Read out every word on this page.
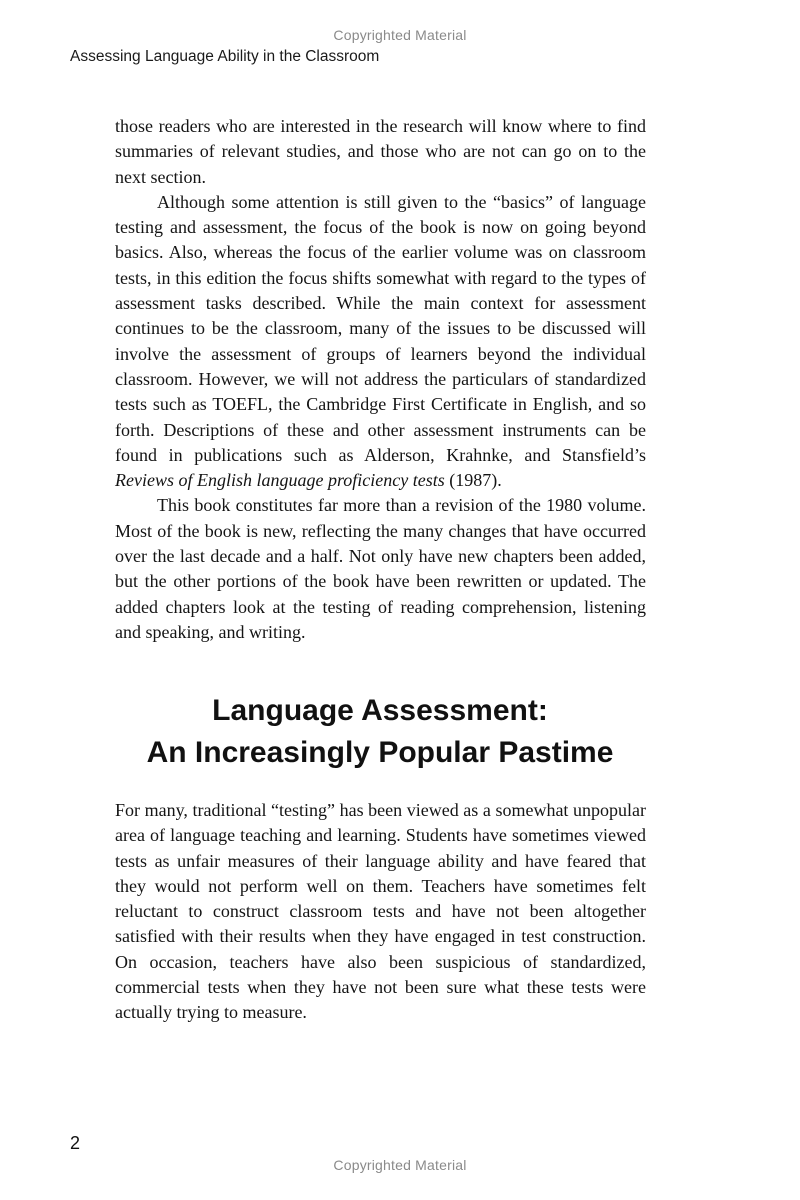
Copyrighted Material
Assessing Language Ability in the Classroom

those readers who are interested in the research will know where to find summaries of relevant studies, and those who are not can go on to the next section.

Although some attention is still given to the “basics” of language testing and assessment, the focus of the book is now on going beyond basics. Also, whereas the focus of the earlier volume was on classroom tests, in this edition the focus shifts somewhat with regard to the types of assessment tasks described. While the main context for assessment continues to be the classroom, many of the issues to be discussed will involve the assessment of groups of learners beyond the individual classroom. However, we will not address the particulars of standardized tests such as TOEFL, the Cambridge First Certificate in English, and so forth. Descriptions of these and other assessment instruments can be found in publications such as Alderson, Krahnke, and Stansfield’s Reviews of English language proficiency tests (1987).

This book constitutes far more than a revision of the 1980 volume. Most of the book is new, reflecting the many changes that have occurred over the last decade and a half. Not only have new chapters been added, but the other portions of the book have been rewritten or updated. The added chapters look at the testing of reading comprehension, listening and speaking, and writing.

Language Assessment:
An Increasingly Popular Pastime

For many, traditional “testing” has been viewed as a somewhat unpopular area of language teaching and learning. Students have sometimes viewed tests as unfair measures of their language ability and have feared that they would not perform well on them. Teachers have sometimes felt reluctant to construct classroom tests and have not been altogether satisfied with their results when they have engaged in test construction. On occasion, teachers have also been suspicious of standardized, commercial tests when they have not been sure what these tests were actually trying to measure.

2
Copyrighted Material
